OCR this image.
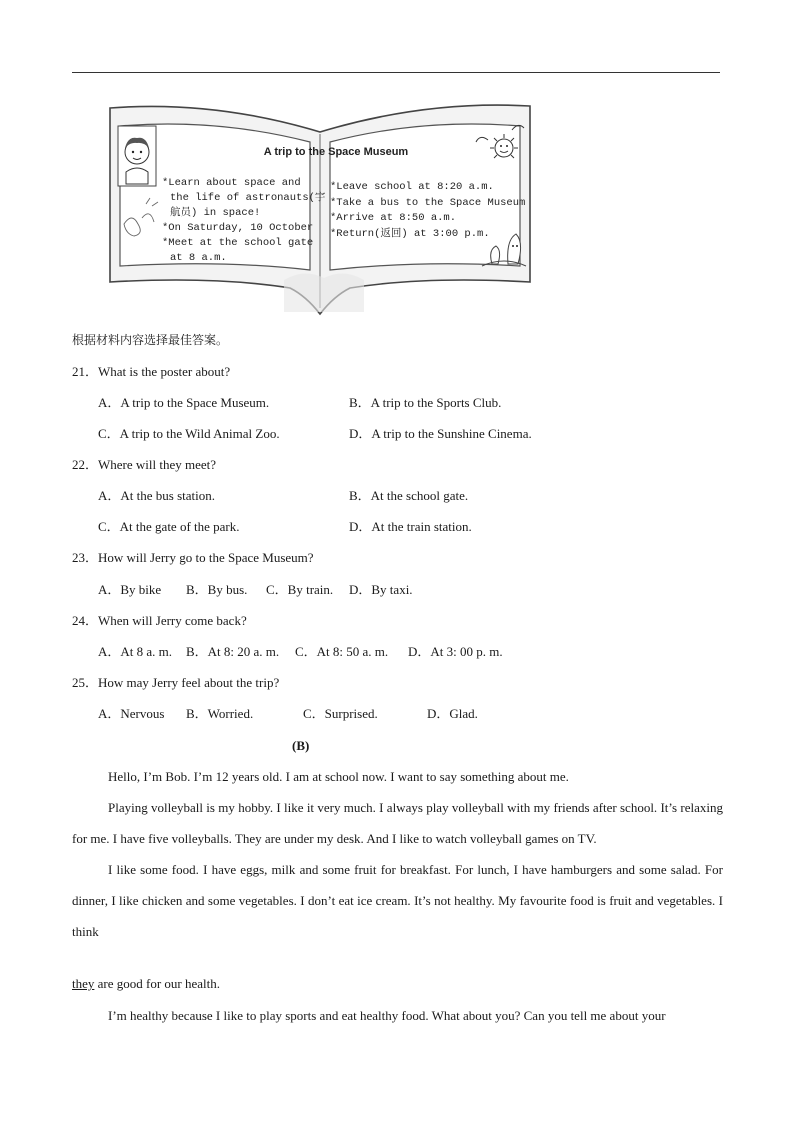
A trip to the Space Museum
*Learn about space and
the life of astronauts(宇
航员) in space!
*On Saturday, 10 October
*Meet at the school gate
at 8 a.m.
*Leave school at 8:20 a.m.
*Take a bus to the Space Museum
*Arrive at 8:50 a.m.
*Return(返回) at 3:00 p.m.
根据材料内容选择最佳答案。
21．What is the poster about?
A．A trip to the Space Museum.	B．A trip to the Sports Club.
C．A trip to the Wild Animal Zoo.	D．A trip to the Sunshine Cinema.
22．Where will they meet?
A．At the bus station.	B．At the school gate.
C．At the gate of the park.	D．At the train station.
23．How will Jerry go to the Space Museum?
A．By bike B．By bus. C．By train. D．By taxi.
24．When will Jerry come back?
A．At 8 a. m. B．At 8: 20 a. m. C．At 8: 50 a. m. D．At 3: 00 p. m.
25．How may Jerry feel about the trip?
A．Nervous B．Worried.	C．Surprised.	D．Glad.
(B)
Hello, I’m Bob. I’m 12 years old. I am at school now. I want to say something about me.
Playing volleyball is my hobby. I like it very much. I always play volleyball with my friends after school. It’s relaxing for me. I have five volleyballs. They are under my desk. And I like to watch volleyball games on TV.
I like some food. I have eggs, milk and some fruit for breakfast. For lunch, I have hamburgers and some salad. For dinner, I like chicken and some vegetables. I don’t eat ice cream. It’s not healthy. My favourite food is fruit and vegetables. I think
they are good for our health.
I’m healthy because I like to play sports and eat healthy food. What about you? Can you tell me about your
